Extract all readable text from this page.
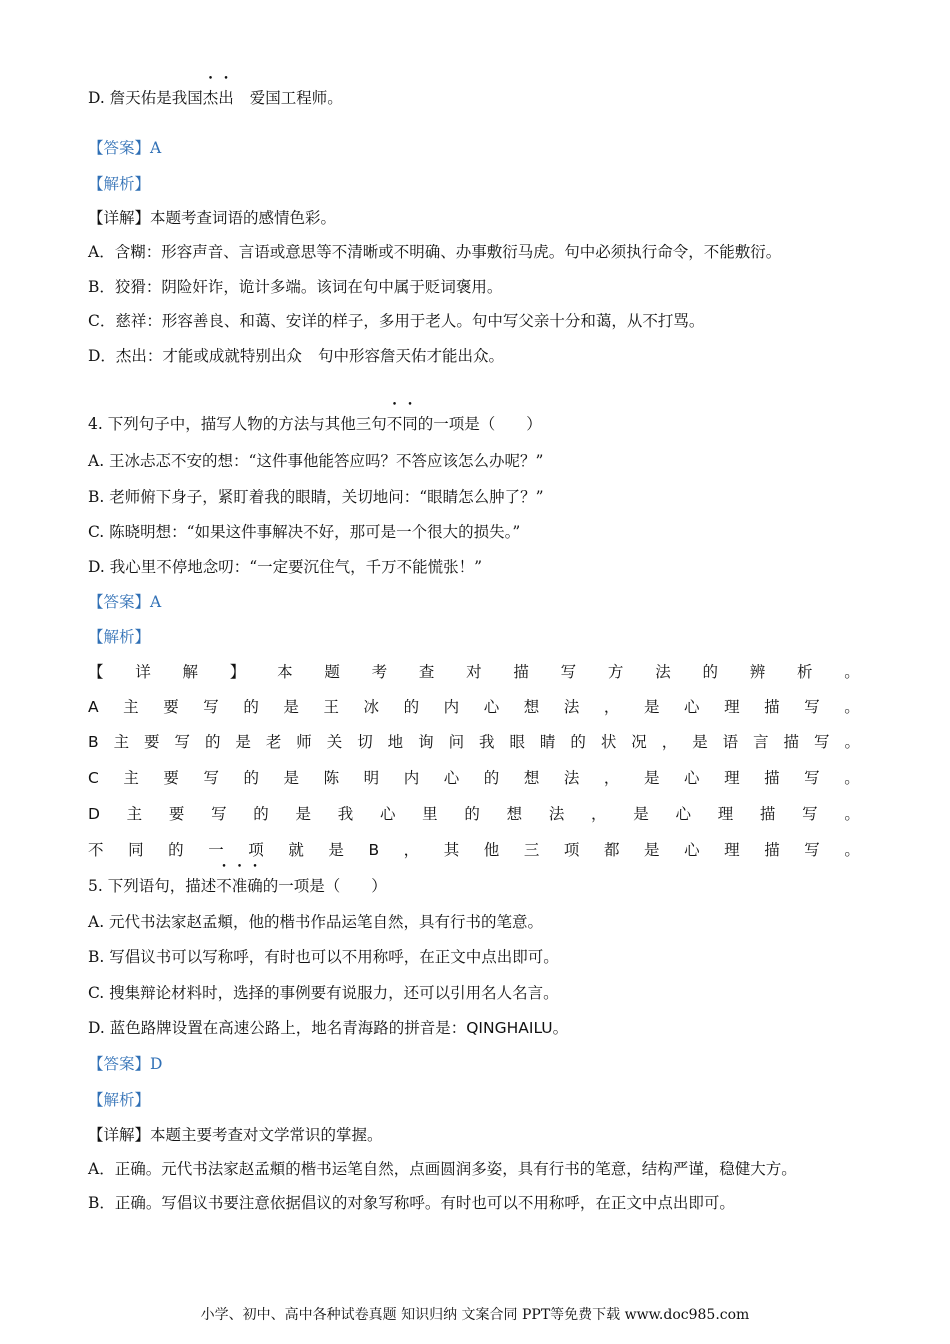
D. 詹天佑是我国杰出 爱国工程师。
【答案】A
【解析】
【详解】本题考查词语的感情色彩。
A．含糊：形容声音、言语或意思等不清晰或不明确、办事敷衍马虎。句中必须执行命令，不能敷衍。
B．狡猾：阴险奸诈，诡计多端。该词在句中属于贬词褒用。
C．慈祥：形容善良、和蔼、安详的样子，多用于老人。句中写父亲十分和蔼，从不打骂。
D．杰出：才能或成就特别出众 句中形容詹天佑才能出众。
4. 下列句子中，描写人物的方法与其他三句不同的一项是（　　）
A. 王冰忐忑不安的想：“这件事他能答应吗？不答应该怎么办呢？”
B. 老师俯下身子，紧盯着我的眼睛，关切地问：“眼睛怎么肿了？”
C. 陈晓明想：“如果这件事解决不好，那可是一个很大的损失。”
D. 我心里不停地念叨：“一定要沉住气，千万不能慌张！”
【答案】A
【解析】
【 详 解 】 本 题 考 查 对 描 写 方 法 的 辨 析 。
A 主 要 写 的 是 王 冰 的 内 心 想 法 ， 是 心 理 描 写 。
B 主 要 写 的 是 老 师 关 切 地 询 问 我 眼 睛 的 状 况 ， 是 语 言 描 写 。
C 主 要 写 的 是 陈 明 内 心 的 想 法 ， 是 心 理 描 写 。
D 主 要 写 的 是 我 心 里 的 想 法 ， 是 心 理 描 写 。
不 同 的 一 项 就 是 B ， 其 他 三 项 都 是 心 理 描 写 。
5. 下列语句，描述不准确的一项是（　　）
A. 元代书法家赵孟頫，他的楷书作品运笔自然，具有行书的笔意。
B. 写倡议书可以写称呼，有时也可以不用称呼，在正文中点出即可。
C. 搜集辩论材料时，选择的事例要有说服力，还可以引用名人名言。
D. 蓝色路牌设置在高速公路上，地名青海路的拼音是：QINGHAILU。
【答案】D
【解析】
【详解】本题主要考查对文学常识的掌握。
A．正确。元代书法家赵孟頫的楷书运笔自然，点画圆润多姿，具有行书的笔意，结构严谨，稳健大方。
B．正确。写倡议书要注意依据倡议的对象写称呼。有时也可以不用称呼，在正文中点出即可。
小学、初中、高中各种试卷真题 知识归纳 文案合同 PPT等免费下载 www.doc985.com
